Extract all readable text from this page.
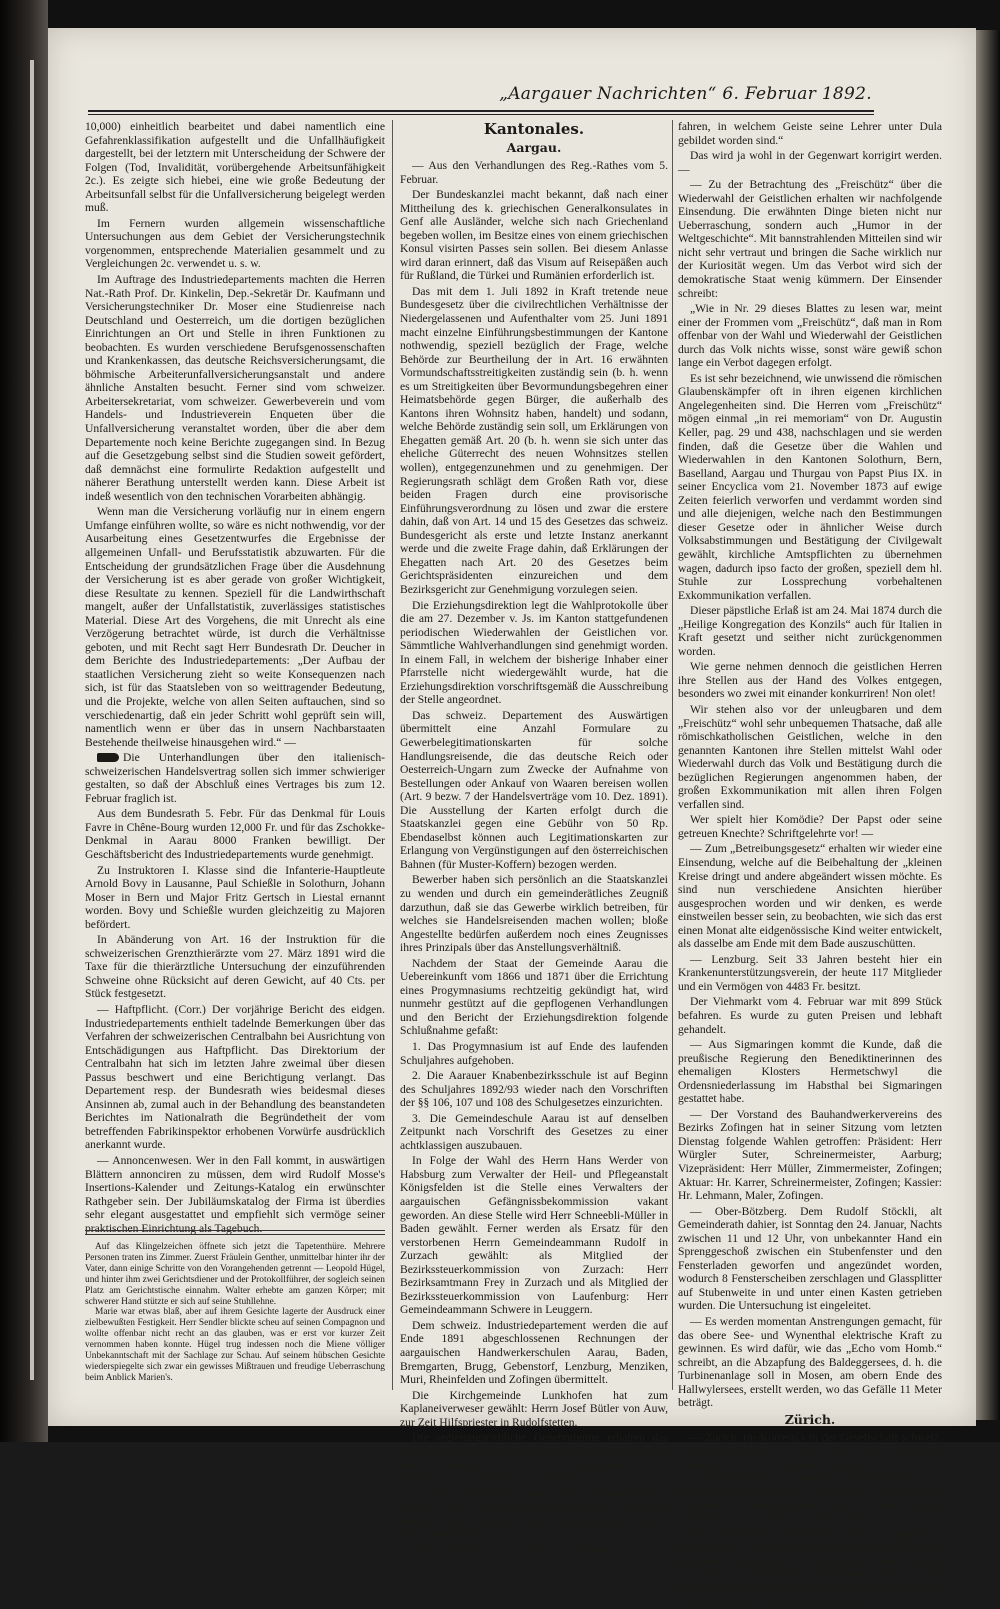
„Aargauer Nachrichten“ 6. Februar 1892.

10,000) einheitlich bearbeitet und dabei namentlich eine Gefahrenklassifikation aufgestellt und die Unfallhäufigkeit dargestellt, bei der letztern mit Unterscheidung der Schwere der Folgen (Tod, Invalidität, vorübergehende Arbeitsunfähigkeit 2c.). Es zeigte sich hiebei, eine wie große Bedeutung der Arbeitsunfall selbst für die Unfallversicherung beigelegt werden muß.

Im Fernern wurden allgemein wissenschaftliche Untersuchungen aus dem Gebiet der Versicherungstechnik vorgenommen, entsprechende Materialien gesammelt und zu Vergleichungen 2c. verwendet u. s. w.

Im Auftrage des Industriedepartements machten die Herren Nat.-Rath Prof. Dr. Kinkelin, Dep.-Sekretär Dr. Kaufmann und Versicherungstechniker Dr. Moser eine Studienreise nach Deutschland und Oesterreich, um die dortigen bezüglichen Einrichtungen an Ort und Stelle in ihren Funktionen zu beobachten. Es wurden verschiedene Berufsgenossenschaften und Krankenkassen, das deutsche Reichsversicherungsamt, die böhmische Arbeiterunfallversicherungsanstalt und andere ähnliche Anstalten besucht. Ferner sind vom schweizer. Arbeitersekretariat, vom schweizer. Gewerbeverein und vom Handels- und Industrieverein Enqueten über die Unfallversicherung veranstaltet worden, über die aber dem Departemente noch keine Berichte zugegangen sind. In Bezug auf die Gesetzgebung selbst sind die Studien soweit gefördert, daß demnächst eine formulirte Redaktion aufgestellt und näherer Berathung unterstellt werden kann. Diese Arbeit ist indeß wesentlich von den technischen Vorarbeiten abhängig.

Wenn man die Versicherung vorläufig nur in einem engern Umfange einführen wollte, so wäre es nicht nothwendig, vor der Ausarbeitung eines Gesetzentwurfes die Ergebnisse der allgemeinen Unfall- und Berufsstatistik abzuwarten. Für die Entscheidung der grundsätzlichen Frage über die Ausdehnung der Versicherung ist es aber gerade von großer Wichtigkeit, diese Resultate zu kennen. Speziell für die Landwirthschaft mangelt, außer der Unfallstatistik, zuverlässiges statistisches Material. Diese Art des Vorgehens, die mit Unrecht als eine Verzögerung betrachtet würde, ist durch die Verhältnisse geboten, und mit Recht sagt Herr Bundesrath Dr. Deucher in dem Berichte des Industriedepartements: „Der Aufbau der staatlichen Versicherung zieht so weite Konsequenzen nach sich, ist für das Staatsleben von so weittragender Bedeutung, und die Projekte, welche von allen Seiten auftauchen, sind so verschiedenartig, daß ein jeder Schritt wohl geprüft sein will, namentlich wenn er über das in unsern Nachbarstaaten Bestehende theilweise hinausgehen wird.“ —

Die Unterhandlungen über den italienisch-schweizerischen Handelsvertrag sollen sich immer schwieriger gestalten, so daß der Abschluß eines Vertrages bis zum 12. Februar fraglich ist.

Aus dem Bundesrath 5. Febr. Für das Denkmal für Louis Favre in Chêne-Bourg wurden 12,000 Fr. und für das Zschokke-Denkmal in Aarau 8000 Franken bewilligt. Der Geschäftsbericht des Industriedepartements wurde genehmigt.

Zu Instruktoren I. Klasse sind die Infanterie-Hauptleute Arnold Bovy in Lausanne, Paul Schießle in Solothurn, Johann Moser in Bern und Major Fritz Gertsch in Liestal ernannt worden. Bovy und Schießle wurden gleichzeitig zu Majoren befördert.

In Abänderung von Art. 16 der Instruktion für die schweizerischen Grenzthierärzte vom 27. März 1891 wird die Taxe für die thierärztliche Untersuchung der einzuführenden Schweine ohne Rücksicht auf deren Gewicht, auf 40 Cts. per Stück festgesetzt.

— Haftpflicht. (Corr.) Der vorjährige Bericht des eidgen. Industriedepartements enthielt tadelnde Bemerkungen über das Verfahren der schweizerischen Centralbahn bei Ausrichtung von Entschädigungen aus Haftpflicht. Das Direktorium der Centralbahn hat sich im letzten Jahre zweimal über diesen Passus beschwert und eine Berichtigung verlangt. Das Departement resp. der Bundesrath wies beidesmal dieses Ansinnen ab, zumal auch in der Behandlung des beanstandeten Berichtes im Nationalrath die Begründetheit der vom betreffenden Fabrikinspektor erhobenen Vorwürfe ausdrücklich anerkannt wurde.

— Annoncenwesen. Wer in den Fall kommt, in auswärtigen Blättern annonciren zu müssen, dem wird Rudolf Mosse's Insertions-Kalender und Zeitungs-Katalog ein erwünschter Rathgeber sein. Der Jubiläumskatalog der Firma ist überdies sehr elegant ausgestattet und empfiehlt sich vermöge seiner praktischen Einrichtung als Tagebuch.

Auf das Klingelzeichen öffnete sich jetzt die Tapetenthüre. Mehrere Personen traten ins Zimmer. Zuerst Fräulein Genther, unmittelbar hinter ihr der Vater, dann einige Schritte von den Vorangehenden getrennt — Leopold Hügel, und hinter ihm zwei Gerichtsdiener und der Protokollführer, der sogleich seinen Platz am Gerichtstische einnahm. Walter erhebte am ganzen Körper; mit schwerer Hand stützte er sich auf seine Stuhllehne.

Marie war etwas blaß, aber auf ihrem Gesichte lagerte der Ausdruck einer zielbewußten Festigkeit. Herr Sendler blickte scheu auf seinen Compagnon und wollte offenbar nicht recht an das glauben, was er erst vor kurzer Zeit vernommen haben konnte. Hügel trug indessen noch die Miene völliger Unbekanntschaft mit der Sachlage zur Schau. Auf seinem hübschen Gesichte wiederspiegelte sich zwar ein gewisses Mißtrauen und freudige Ueberraschung beim Anblick Marien's.

Kantonales.
Aargau.

— Aus den Verhandlungen des Reg.-Rathes vom 5. Februar.

Der Bundeskanzlei macht bekannt, daß nach einer Mittheilung des k. griechischen Generalkonsulates in Genf alle Ausländer, welche sich nach Griechenland begeben wollen, im Besitze eines von einem griechischen Konsul visirten Passes sein sollen. Bei diesem Anlasse wird daran erinnert, daß das Visum auf Reisepäßen auch für Rußland, die Türkei und Rumänien erforderlich ist.

Das mit dem 1. Juli 1892 in Kraft tretende neue Bundesgesetz über die civilrechtlichen Verhältnisse der Niedergelassenen und Aufenthalter vom 25. Juni 1891 macht einzelne Einführungsbestimmungen der Kantone nothwendig, speziell bezüglich der Frage, welche Behörde zur Beurtheilung der in Art. 16 erwähnten Vormundschaftsstreitigkeiten zuständig sein (b. h. wenn es um Streitigkeiten über Bevormundungsbegehren einer Heimatsbehörde gegen Bürger, die außerhalb des Kantons ihren Wohnsitz haben, handelt) und sodann, welche Behörde zuständig sein soll, um Erklärungen von Ehegatten gemäß Art. 20 (b. h. wenn sie sich unter das eheliche Güterrecht des neuen Wohnsitzes stellen wollen), entgegenzunehmen und zu genehmigen. Der Regierungsrath schlägt dem Großen Rath vor, diese beiden Fragen durch eine provisorische Einführungsverordnung zu lösen und zwar die erstere dahin, daß von Art. 14 und 15 des Gesetzes das schweiz. Bundesgericht als erste und letzte Instanz anerkannt werde und die zweite Frage dahin, daß Erklärungen der Ehegatten nach Art. 20 des Gesetzes beim Gerichtspräsidenten einzureichen und dem Bezirksgericht zur Genehmigung vorzulegen seien.

Die Erziehungsdirektion legt die Wahlprotokolle über die am 27. Dezember v. Js. im Kanton stattgefundenen periodischen Wiederwahlen der Geistlichen vor. Sämmtliche Wahlverhandlungen sind genehmigt worden. In einem Fall, in welchem der bisherige Inhaber einer Pfarrstelle nicht wiedergewählt wurde, hat die Erziehungsdirektion vorschriftsgemäß die Ausschreibung der Stelle angeordnet.

Das schweiz. Departement des Auswärtigen übermittelt eine Anzahl Formulare zu Gewerbelegitimationskarten für solche Handlungsreisende, die das deutsche Reich oder Oesterreich-Ungarn zum Zwecke der Aufnahme von Bestellungen oder Ankauf von Waaren bereisen wollen (Art. 9 bezw. 7 der Handelsverträge vom 10. Dez. 1891). Die Ausstellung der Karten erfolgt durch die Staatskanzlei gegen eine Gebühr von 50 Rp. Ebendaselbst können auch Legitimationskarten zur Erlangung von Vergünstigungen auf den österreichischen Bahnen (für Muster-Koffern) bezogen werden.

Bewerber haben sich persönlich an die Staatskanzlei zu wenden und durch ein gemeinderätliches Zeugniß darzuthun, daß sie das Gewerbe wirklich betreiben, für welches sie Handelsreisenden machen wollen; bloße Angestellte bedürfen außerdem noch eines Zeugnisses ihres Prinzipals über das Anstellungsverhältniß.

Nachdem der Staat der Gemeinde Aarau die Uebereinkunft vom 1866 und 1871 über die Errichtung eines Progymnasiums rechtzeitig gekündigt hat, wird nunmehr gestützt auf die gepflogenen Verhandlungen und den Bericht der Erziehungsdirektion folgende Schlußnahme gefaßt:

1. Das Progymnasium ist auf Ende des laufenden Schuljahres aufgehoben.

2. Die Aarauer Knabenbezirksschule ist auf Beginn des Schuljahres 1892/93 wieder nach den Vorschriften der §§ 106, 107 und 108 des Schulgesetzes einzurichten.

3. Die Gemeindeschule Aarau ist auf denselben Zeitpunkt nach Vorschrift des Gesetzes zu einer achtklassigen auszubauen.

In Folge der Wahl des Herrn Hans Werder von Habsburg zum Verwalter der Heil- und Pflegeanstalt Königsfelden ist die Stelle eines Verwalters der aargauischen Gefängnissbekommission vakant geworden. An diese Stelle wird Herr Schneebli-Müller in Baden gewählt. Ferner werden als Ersatz für den verstorbenen Herrn Gemeindeammann Rudolf in Zurzach gewählt: als Mitglied der Bezirkssteuerkommission von Zurzach: Herr Bezirksamtmann Frey in Zurzach und als Mitglied der Bezirkssteuerkommission von Laufenburg: Herr Gemeindeammann Schwere in Leuggern.

Dem schweiz. Industriedepartement werden die auf Ende 1891 abgeschlossenen Rechnungen der aargauischen Handwerkerschulen Aarau, Baden, Bremgarten, Brugg, Gebenstorf, Lenzburg, Menziken, Muri, Rheinfelden und Zofingen übermittelt.

Die Kirchgemeinde Lunkhofen hat zum Kaplaneiverweser gewählt: Herrn Josef Bütler von Auw, zur Zeit Hilfspriester in Rudolfstetten.

Die regierungsräthliche Genehmigung erhalten das neue Waldreglement der Ortsbürgergemeinde Oberhofen und die Hauptrevisionen der Wirthschaftspläne für die Waldungen von Mandach und Wittnau.

— Der „Freischütz“ sagt: „Das Kirchenfeindliche Wirken Dula's und seine freimaurerischen Grundsätze besiegelt Herr Dula durch seine Feuerbestattung. Das ist ganz konsequent.

Das christliche Aargauer Volk hat aber nun er-

fahren, in welchem Geiste seine Lehrer unter Dula gebildet worden sind.“

Das wird ja wohl in der Gegenwart korrigirt werden. —

— Zu der Betrachtung des „Freischütz“ über die Wiederwahl der Geistlichen erhalten wir nachfolgende Einsendung. Die erwähnten Dinge bieten nicht nur Ueberraschung, sondern auch „Humor in der Weltgeschichte“. Mit bannstrahlenden Mitteilen sind wir nicht sehr vertraut und bringen die Sache wirklich nur der Kuriosität wegen. Um das Verbot wird sich der demokratische Staat wenig kümmern. Der Einsender schreibt:

„Wie in Nr. 29 dieses Blattes zu lesen war, meint einer der Frommen vom „Freischütz“, daß man in Rom offenbar von der Wahl und Wiederwahl der Geistlichen durch das Volk nichts wisse, sonst wäre gewiß schon lange ein Verbot dagegen erfolgt.

Es ist sehr bezeichnend, wie unwissend die römischen Glaubenskämpfer oft in ihren eigenen kirchlichen Angelegenheiten sind. Die Herren vom „Freischütz“ mögen einmal „in rei memoriam“ von Dr. Augustin Keller, pag. 29 und 438, nachschlagen und sie werden finden, daß die Gesetze über die Wahlen und Wiederwahlen in den Kantonen Solothurn, Bern, Baselland, Aargau und Thurgau von Papst Pius IX. in seiner Encyclica vom 21. November 1873 auf ewige Zeiten feierlich verworfen und verdammt worden sind und alle diejenigen, welche nach den Bestimmungen dieser Gesetze oder in ähnlicher Weise durch Volksabstimmungen und Bestätigung der Civilgewalt gewählt, kirchliche Amtspflichten zu übernehmen wagen, dadurch ipso facto der großen, speziell dem hl. Stuhle zur Lossprechung vorbehaltenen Exkommunikation verfallen.

Dieser päpstliche Erlaß ist am 24. Mai 1874 durch die „Heilige Kongregation des Konzils“ auch für Italien in Kraft gesetzt und seither nicht zurückgenommen worden.

Wie gerne nehmen dennoch die geistlichen Herren ihre Stellen aus der Hand des Volkes entgegen, besonders wo zwei mit einander konkurriren! Non olet!

Wir stehen also vor der unleugbaren und dem „Freischütz“ wohl sehr unbequemen Thatsache, daß alle römischkatholischen Geistlichen, welche in den genannten Kantonen ihre Stellen mittelst Wahl oder Wiederwahl durch das Volk und Bestätigung durch die bezüglichen Regierungen angenommen haben, der großen Exkommunikation mit allen ihren Folgen verfallen sind.

Wer spielt hier Komödie? Der Papst oder seine getreuen Knechte? Schriftgelehrte vor! —

— Zum „Betreibungsgesetz“ erhalten wir wieder eine Einsendung, welche auf die Beibehaltung der „kleinen Kreise dringt und andere abgeändert wissen möchte. Es sind nun verschiedene Ansichten hierüber ausgesprochen worden und wir denken, es werde einstweilen besser sein, zu beobachten, wie sich das erst einen Monat alte eidgenössische Kind weiter entwickelt, als dasselbe am Ende mit dem Bade auszuschütten.

— Lenzburg. Seit 33 Jahren besteht hier ein Krankenunterstützungsverein, der heute 117 Mitglieder und ein Vermögen von 4483 Fr. besitzt.

Der Viehmarkt vom 4. Februar war mit 899 Stück befahren. Es wurde zu guten Preisen und lebhaft gehandelt.

— Aus Sigmaringen kommt die Kunde, daß die preußische Regierung den Benediktinerinnen des ehemaligen Klosters Hermetschwyl die Ordensniederlassung im Habsthal bei Sigmaringen gestattet habe.

— Der Vorstand des Bauhandwerkervereins des Bezirks Zofingen hat in seiner Sitzung vom letzten Dienstag folgende Wahlen getroffen: Präsident: Herr Würgler Suter, Schreinermeister, Aarburg; Vizepräsident: Herr Müller, Zimmermeister, Zofingen; Aktuar: Hr. Karrer, Schreinermeister, Zofingen; Kassier: Hr. Lehmann, Maler, Zofingen.

— Ober-Bötzberg. Dem Rudolf Stöckli, alt Gemeinderath dahier, ist Sonntag den 24. Januar, Nachts zwischen 11 und 12 Uhr, von unbekannter Hand ein Sprenggeschoß zwischen ein Stubenfenster und den Fensterladen geworfen und angezündet worden, wodurch 8 Fensterscheiben zerschlagen und Glassplitter auf Stubenweite in und unter einen Kasten getrieben wurden. Die Untersuchung ist eingeleitet.

— Es werden momentan Anstrengungen gemacht, für das obere See- und Wynenthal elektrische Kraft zu gewinnen. Es wird dafür, wie das „Echo vom Homb.“ schreibt, an die Abzapfung des Baldeggersees, d. h. die Turbinenanlage soll in Mosen, am obern Ende des Hallwylersees, erstellt werden, wo das Gefälle 11 Meter beträgt.

Zürich.

— Zürich. (m-Korresp.) In der Gesellschaft schweiz. Landwirthe theilte Dr. Gerber mit, daß es ihm nach dreimonatlicher Thätigkeit gelungen sei, eine Universalmaschine zur Feststellung des Fettgehaltes von Milch und deren Produkten, zu erfinden. Sie dient nach höchstens 2½ Minuten jedem Laien zu diesem Zweck. Das Bereinsorgan wird die Details erörtern.

Der Vorstand der Gesellschaft erhielt die Kompetenz, alle Schritte zu thun, um gegen Frankreichs Zollpolitik geeignete Repressalien zu veranlassen. Endlich wurde beschlossen, energisch für vorzüglichen Leitung und der billigen Kurshonorare der Obst- und Weinbauschule für fleißigen Besuch Propaganda zu machen.
